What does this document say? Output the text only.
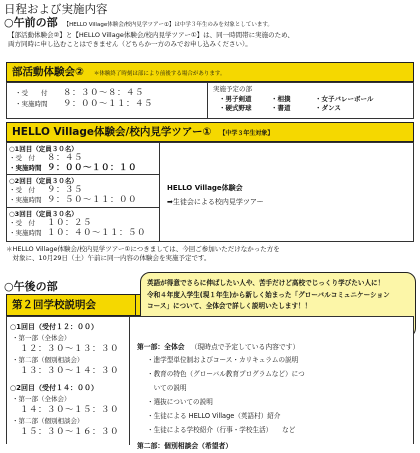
日程および実施内容
○午前の部 【HELLO Village体験会/校内見学ツアー①】は中学３年生のみを対象としています。
【部活動体験会②】と【HELLO Village体験会/校内見学ツアー①】は、同一時間帯に実施のため、
両方同時に申し込むことはできません（どちらか一方のみでお申し込みください）。
部活動体験会② ＊体験終了時刻は部により前後する場合があります。
・受　　付	８：３０～８：４５
・実施時間	９：００～１１：４５
実施予定の部
・男子剣道	・相撲	・女子バレーボール
・硬式野球	・書道	・ダンス
HELLO Village体験会/校内見学ツアー① 【中学３年生対象】
○1回目（定員３０名）
・受　付	８：４５
・実施時間 ９：００～１０：１０
○2回目（定員３０名）
・受　付	９：３５
・実施時間 ９：５０～１１：００
○3回目（定員３０名）
・受　付	１０：２５
・実施時間 １０：４０～１１：５０
HELLO Village体験会
➡生徒会による校内見学ツアー
＊HELLO Village体験会/校内見学ツアー①につきましては、今回ご参加いただけなかった方を
　対象に、10月29日（土）午前に同一内容の体験会を実施予定です。
○午後の部
第２回学校説明会
英語が得意でさらに伸ばしたい人や、苦手だけど高校でじっくり学びたい人に！
令和４年度入学生(現１年生)から新しく始まった「グローバルコミュニケーション
コース」について、全体会で詳しく説明いたします！！
○1回目（受付１２：００）
・第一部（全体会）
１２：３０～１３：３０
・第二部（個別相談会）
１３：３０～１４：３０
○2回目（受付１４：００）
・第一部（全体会）
１４：３０～１５：３０
・第二部（個別相談会）
１５：３０～１６：３０
第一部：全体会 （現時点で予定している内容です）
・進学型単位制およびコース・カリキュラムの説明
・教育の特色（グローバル教育プログラムなど）につ
　いての説明
・選抜についての説明
・生徒による HELLO Village（英語村）紹介
・生徒による学校紹介（行事・学校生活）　　など
第二部：個別相談会（希望者）
